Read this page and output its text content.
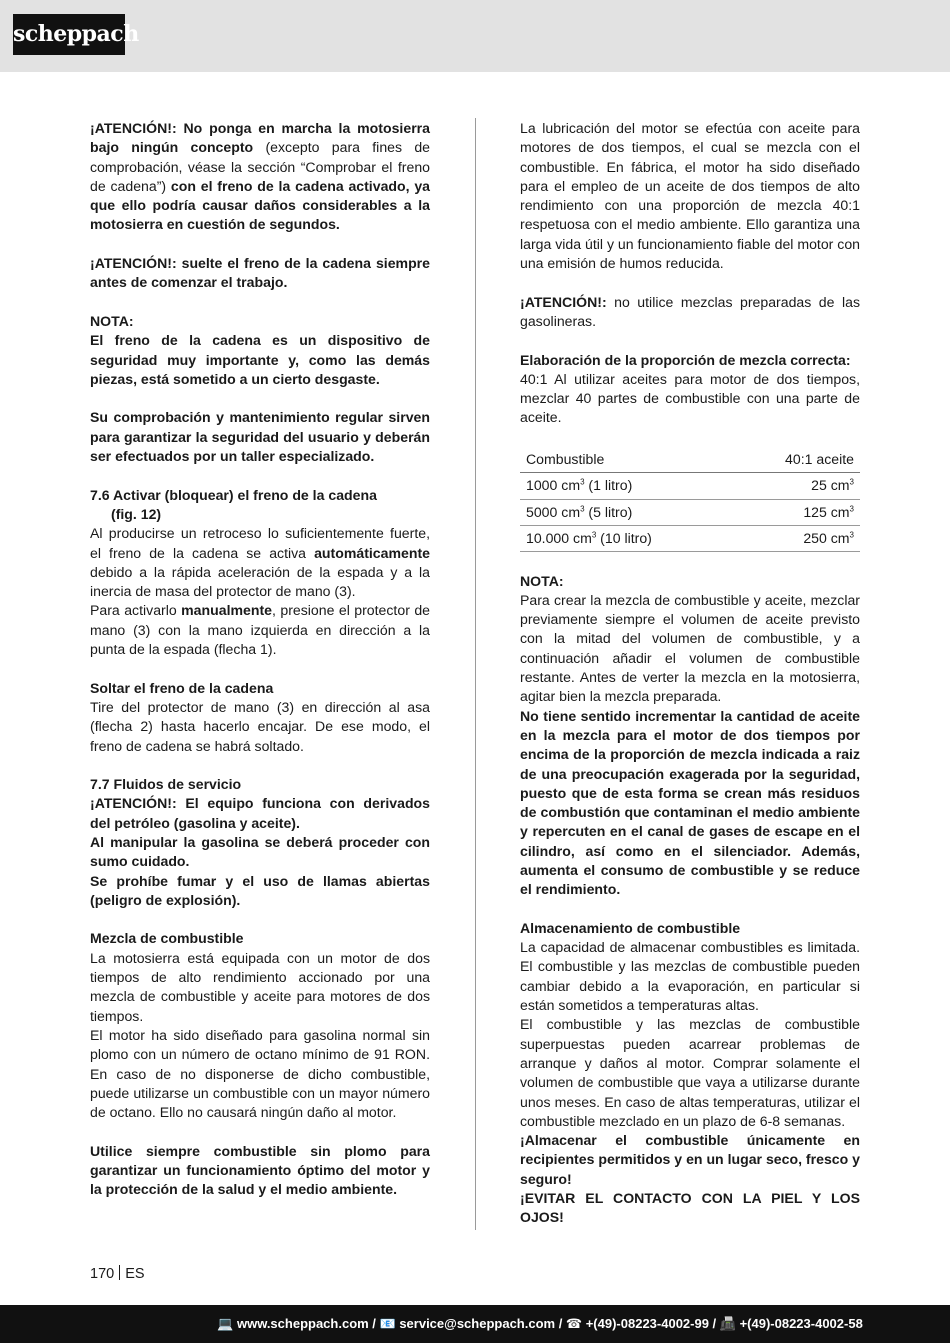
scheppach

¡ATENCIÓN!: No ponga en marcha la motosierra bajo ningún concepto (excepto para fines de comprobación, véase la sección “Comprobar el freno de cadena”) con el freno de la cadena activado, ya que ello podría causar daños considerables a la motosierra en cuestión de segundos.

¡ATENCIÓN!: suelte el freno de la cadena siempre antes de comenzar el trabajo.

NOTA:

El freno de la cadena es un dispositivo de seguridad muy importante y, como las demás piezas, está sometido a un cierto desgaste.

Su comprobación y mantenimiento regular sirven para garantizar la seguridad del usuario y deberán ser efectuados por un taller especializado.

7.6 Activar (bloquear) el freno de la cadena

(fig. 12)

Al producirse un retroceso lo suficientemente fuerte, el freno de la cadena se activa automáticamente debido a la rápida aceleración de la espada y a la inercia de masa del protector de mano (3).

Para activarlo manualmente, presione el protector de mano (3) con la mano izquierda en dirección a la punta de la espada (flecha 1).

Soltar el freno de la cadena

Tire del protector de mano (3) en dirección al asa (flecha 2) hasta hacerlo encajar. De ese modo, el freno de cadena se habrá soltado.

7.7 Fluidos de servicio

¡ATENCIÓN!: El equipo funciona con derivados del petróleo (gasolina y aceite).

Al manipular la gasolina se deberá proceder con sumo cuidado.

Se prohíbe fumar y el uso de llamas abiertas (peligro de explosión).

Mezcla de combustible

La motosierra está equipada con un motor de dos tiempos de alto rendimiento accionado por una mezcla de combustible y aceite para motores de dos tiempos.

El motor ha sido diseñado para gasolina normal sin plomo con un número de octano mínimo de 91 RON. En caso de no disponerse de dicho combustible, puede utilizarse un combustible con un mayor número de octano. Ello no causará ningún daño al motor.

Utilice siempre combustible sin plomo para garantizar un funcionamiento óptimo del motor y la protección de la salud y el medio ambiente.

La lubricación del motor se efectúa con aceite para motores de dos tiempos, el cual se mezcla con el combustible. En fábrica, el motor ha sido diseñado para el empleo de un aceite de dos tiempos de alto rendimiento con una proporción de mezcla 40:1 respetuosa con el medio ambiente. Ello garantiza una larga vida útil y un funcionamiento fiable del motor con una emisión de humos reducida.

¡ATENCIÓN!: no utilice mezclas preparadas de las gasolineras.

Elaboración de la proporción de mezcla correcta:

40:1 Al utilizar aceites para motor de dos tiempos, mezclar 40 partes de combustible con una parte de aceite.

Combustible	40:1 aceite
1000 $cm^3$ (1 litro)	25 $cm^3$
5000 $cm^3$ (5 litro)	125 $cm^3$
10.000 $cm^3$ (10 litro)	250 $cm^3$

NOTA:

Para crear la mezcla de combustible y aceite, mezclar previamente siempre el volumen de aceite previsto con la mitad del volumen de combustible, y a continuación añadir el volumen de combustible restante. Antes de verter la mezcla en la motosierra, agitar bien la mezcla preparada.

No tiene sentido incrementar la cantidad de aceite en la mezcla para el motor de dos tiempos por encima de la proporción de mezcla indicada a raiz de una preocupación exagerada por la seguridad, puesto que de esta forma se crean más residuos de combustión que contaminan el medio ambiente y repercuten en el canal de gases de escape en el cilindro, así como en el silenciador. Además, aumenta el consumo de combustible y se reduce el rendimiento.

Almacenamiento de combustible

La capacidad de almacenar combustibles es limitada. El combustible y las mezclas de combustible pueden cambiar debido a la evaporación, en particular si están sometidos a temperaturas altas.

El combustible y las mezclas de combustible superpuestas pueden acarrear problemas de arranque y daños al motor. Comprar solamente el volumen de combustible que vaya a utilizarse durante unos meses. En caso de altas temperaturas, utilizar el combustible mezclado en un plazo de 6-8 semanas.

¡Almacenar el combustible únicamente en recipientes permitidos y en un lugar seco, fresco y seguro!

¡EVITAR EL CONTACTO CON LA PIEL Y LOS OJOS!

170 ES
💻 www.scheppach.com / 📧 service@scheppach.com / ☎ +(49)-08223-4002-99 / 📠 +(49)-08223-4002-58
